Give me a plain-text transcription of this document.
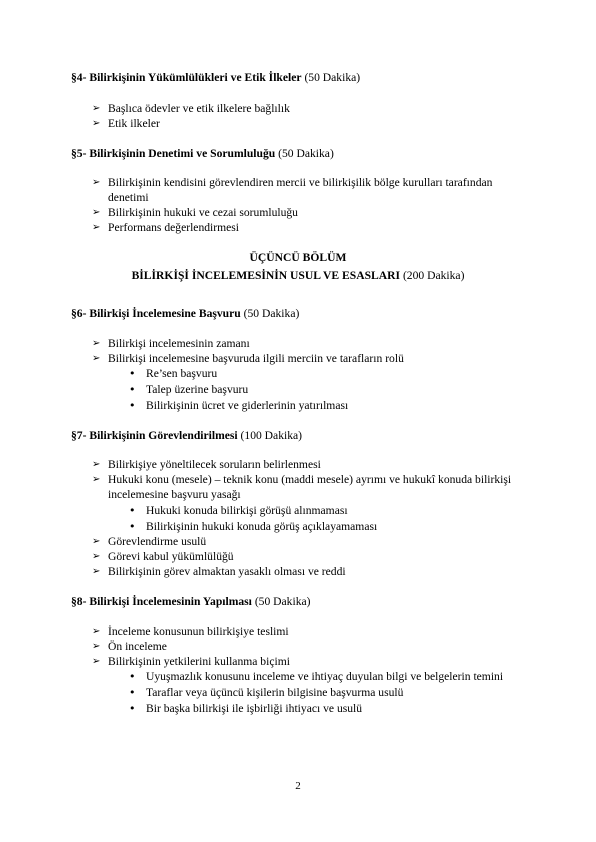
§4- Bilirkişinin Yükümlülükleri ve Etik İlkeler (50 Dakika)
➢ Başlıca ödevler ve etik ilkelere bağlılık
➢ Etik ilkeler
§5- Bilirkişinin Denetimi ve Sorumluluğu (50 Dakika)
➢ Bilirkişinin kendisini görevlendiren mercii ve bilirkişilik bölge kurulları tarafından denetimi
➢ Bilirkişinin hukuki ve cezai sorumluluğu
➢ Performans değerlendirmesi
ÜÇÜNCÜ BÖLÜM
BİLİRKİŞİ İNCELEMESİNİN USUL VE ESASLARI (200 Dakika)
§6- Bilirkişi İncelemesine Başvuru (50 Dakika)
➢ Bilirkişi incelemesinin zamanı
➢ Bilirkişi incelemesine başvuruda ilgili merciin ve tarafların rolü
• Re’sen başvuru
• Talep üzerine başvuru
• Bilirkişinin ücret ve giderlerinin yatırılması
§7- Bilirkişinin Görevlendirilmesi (100 Dakika)
➢ Bilirkişiye yöneltilecek soruların belirlenmesi
➢ Hukuki konu (mesele) – teknik konu (maddi mesele) ayrımı ve hukukî konuda bilirkişi incelemesine başvuru yasağı
• Hukuki konuda bilirkişi görüşü alınmaması
• Bilirkişinin hukuki konuda görüş açıklayamaması
➢ Görevlendirme usulü
➢ Görevi kabul yükümlülüğü
➢ Bilirkişinin görev almaktan yasaklı olması ve reddi
§8- Bilirkişi İncelemesinin Yapılması (50 Dakika)
➢ İnceleme konusunun bilirkişiye teslimi
➢ Ön inceleme
➢ Bilirkişinin yetkilerini kullanma biçimi
• Uyuşmazlık konusunu inceleme ve ihtiyaç duyulan bilgi ve belgelerin temini
• Taraflar veya üçüncü kişilerin bilgisine başvurma usulü
• Bir başka bilirkişi ile işbirliği ihtiyacı ve usulü
2
